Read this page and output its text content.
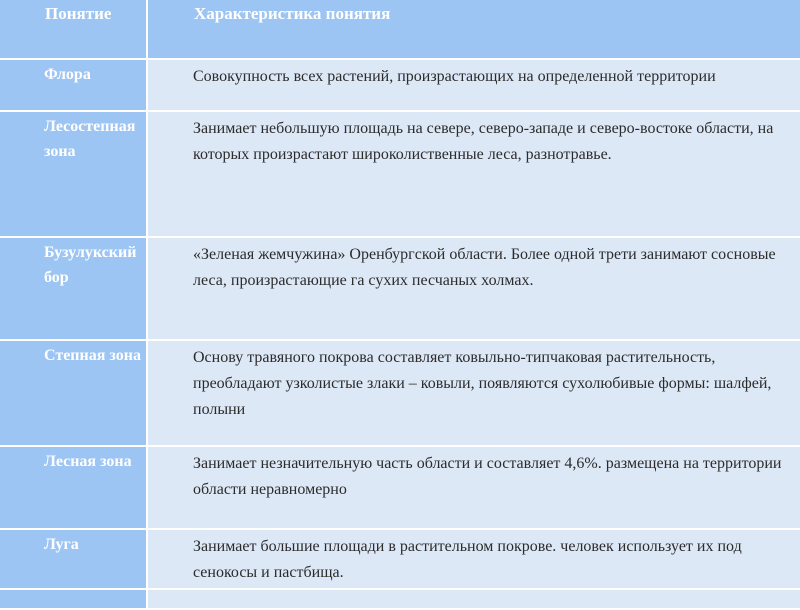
Понятие	Характеристика понятия
Флора	Совокупность всех растений, произрастающих на определенной территории
Лесостепная зона	Занимает небольшую площадь на севере, северо-западе и северо-востоке области, на которых произрастают широколиственные леса, разнотравье.
Бузулукский бор	«Зеленая жемчужина» Оренбургской области. Более одной трети занимают сосновые леса, произрастающие га сухих песчаных холмах.
Степная зона	Основу травяного покрова составляет ковыльно-типчаковая растительность, преобладают узколистые злаки – ковыли, появляются сухолюбивые формы: шалфей, полыни
Лесная зона	Занимает незначительную часть области и составляет 4,6%. размещена на территории области неравномерно
Луга	Занимает большие площади в растительном покрове. человек использует их под сенокосы и пастбища.
